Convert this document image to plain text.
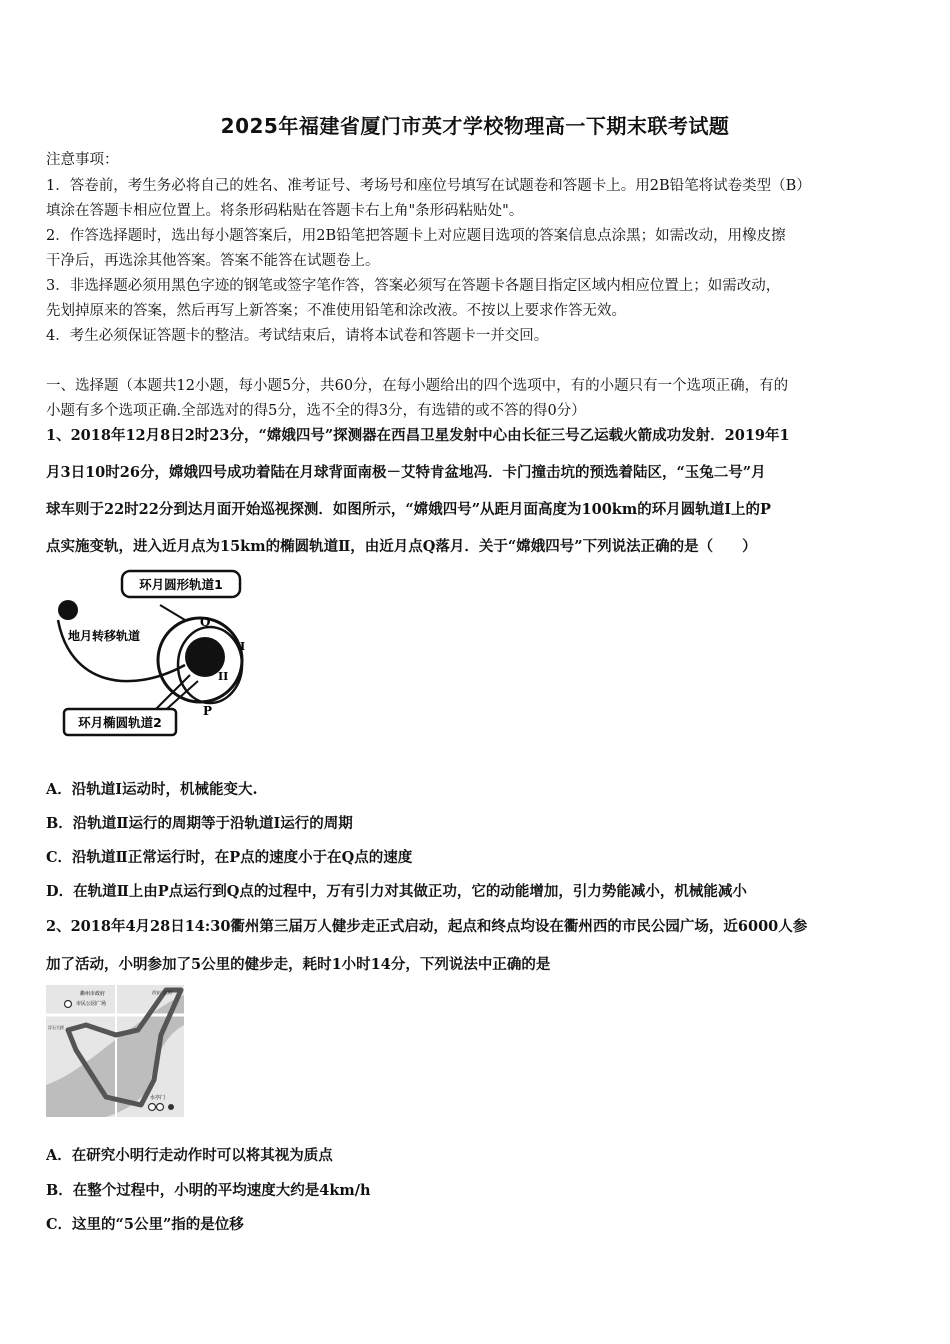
2025年福建省厦门市英才学校物理高一下期末联考试题
注意事项：
1．答卷前，考生务必将自己的姓名、准考证号、考场号和座位号填写在试题卷和答题卡上。用2B铅笔将试卷类型（B）
填涂在答题卡相应位置上。将条形码粘贴在答题卡右上角"条形码粘贴处"。
2．作答选择题时，选出每小题答案后，用2B铅笔把答题卡上对应题目选项的答案信息点涂黑；如需改动，用橡皮擦
干净后，再选涂其他答案。答案不能答在试题卷上。
3．非选择题必须用黑色字迹的钢笔或签字笔作答，答案必须写在答题卡各题目指定区域内相应位置上；如需改动，
先划掉原来的答案，然后再写上新答案；不准使用铅笔和涂改液。不按以上要求作答无效。
4．考生必须保证答题卡的整洁。考试结束后，请将本试卷和答题卡一并交回。
一、选择题（本题共12小题，每小题5分，共60分，在每小题给出的四个选项中，有的小题只有一个选项正确，有的
小题有多个选项正确.全部选对的得5分，选不全的得3分，有选错的或不答的得0分）
1、2018年12月8日2时23分，“嫦娥四号”探测器在西昌卫星发射中心由长征三号乙运载火箭成功发射．2019年1
月3日10时26分，嫦娥四号成功着陆在月球背面南极－艾特肯盆地冯．卡门撞击坑的预选着陆区，“玉兔二号”月
球车则于22时22分到达月面开始巡视探测．如图所示，“嫦娥四号”从距月面高度为100km的环月圆轨道Ⅰ上的P
点实施变轨，进入近月点为15km的椭圆轨道Ⅱ，由近月点Q落月．关于“嫦娥四号”下列说法正确的是（　　）
环月圆形轨道1
地月转移轨道
环月椭圆轨道2
Q
P
I
II
A．沿轨道Ⅰ运动时，机械能变大.
B．沿轨道Ⅱ运行的周期等于沿轨道Ⅰ运行的周期
C．沿轨道Ⅱ正常运行时，在P点的速度小于在Q点的速度
D．在轨道Ⅱ上由P点运行到Q点的过程中，万有引力对其做正功，它的动能增加，引力势能减小，机械能减小
2、2018年4月28日14:30衢州第三届万人健步走正式启动，起点和终点均设在衢州西的市民公园广场，近6000人参
加了活动，小明参加了5公里的健步走，耗时1小时14分，下列说法中正确的是
衢州市政府
市民公园广场
西安门大街
浮石大桥
水亭门
A．在研究小明行走动作时可以将其视为质点
B．在整个过程中，小明的平均速度大约是4km/h
C．这里的“5公里”指的是位移
